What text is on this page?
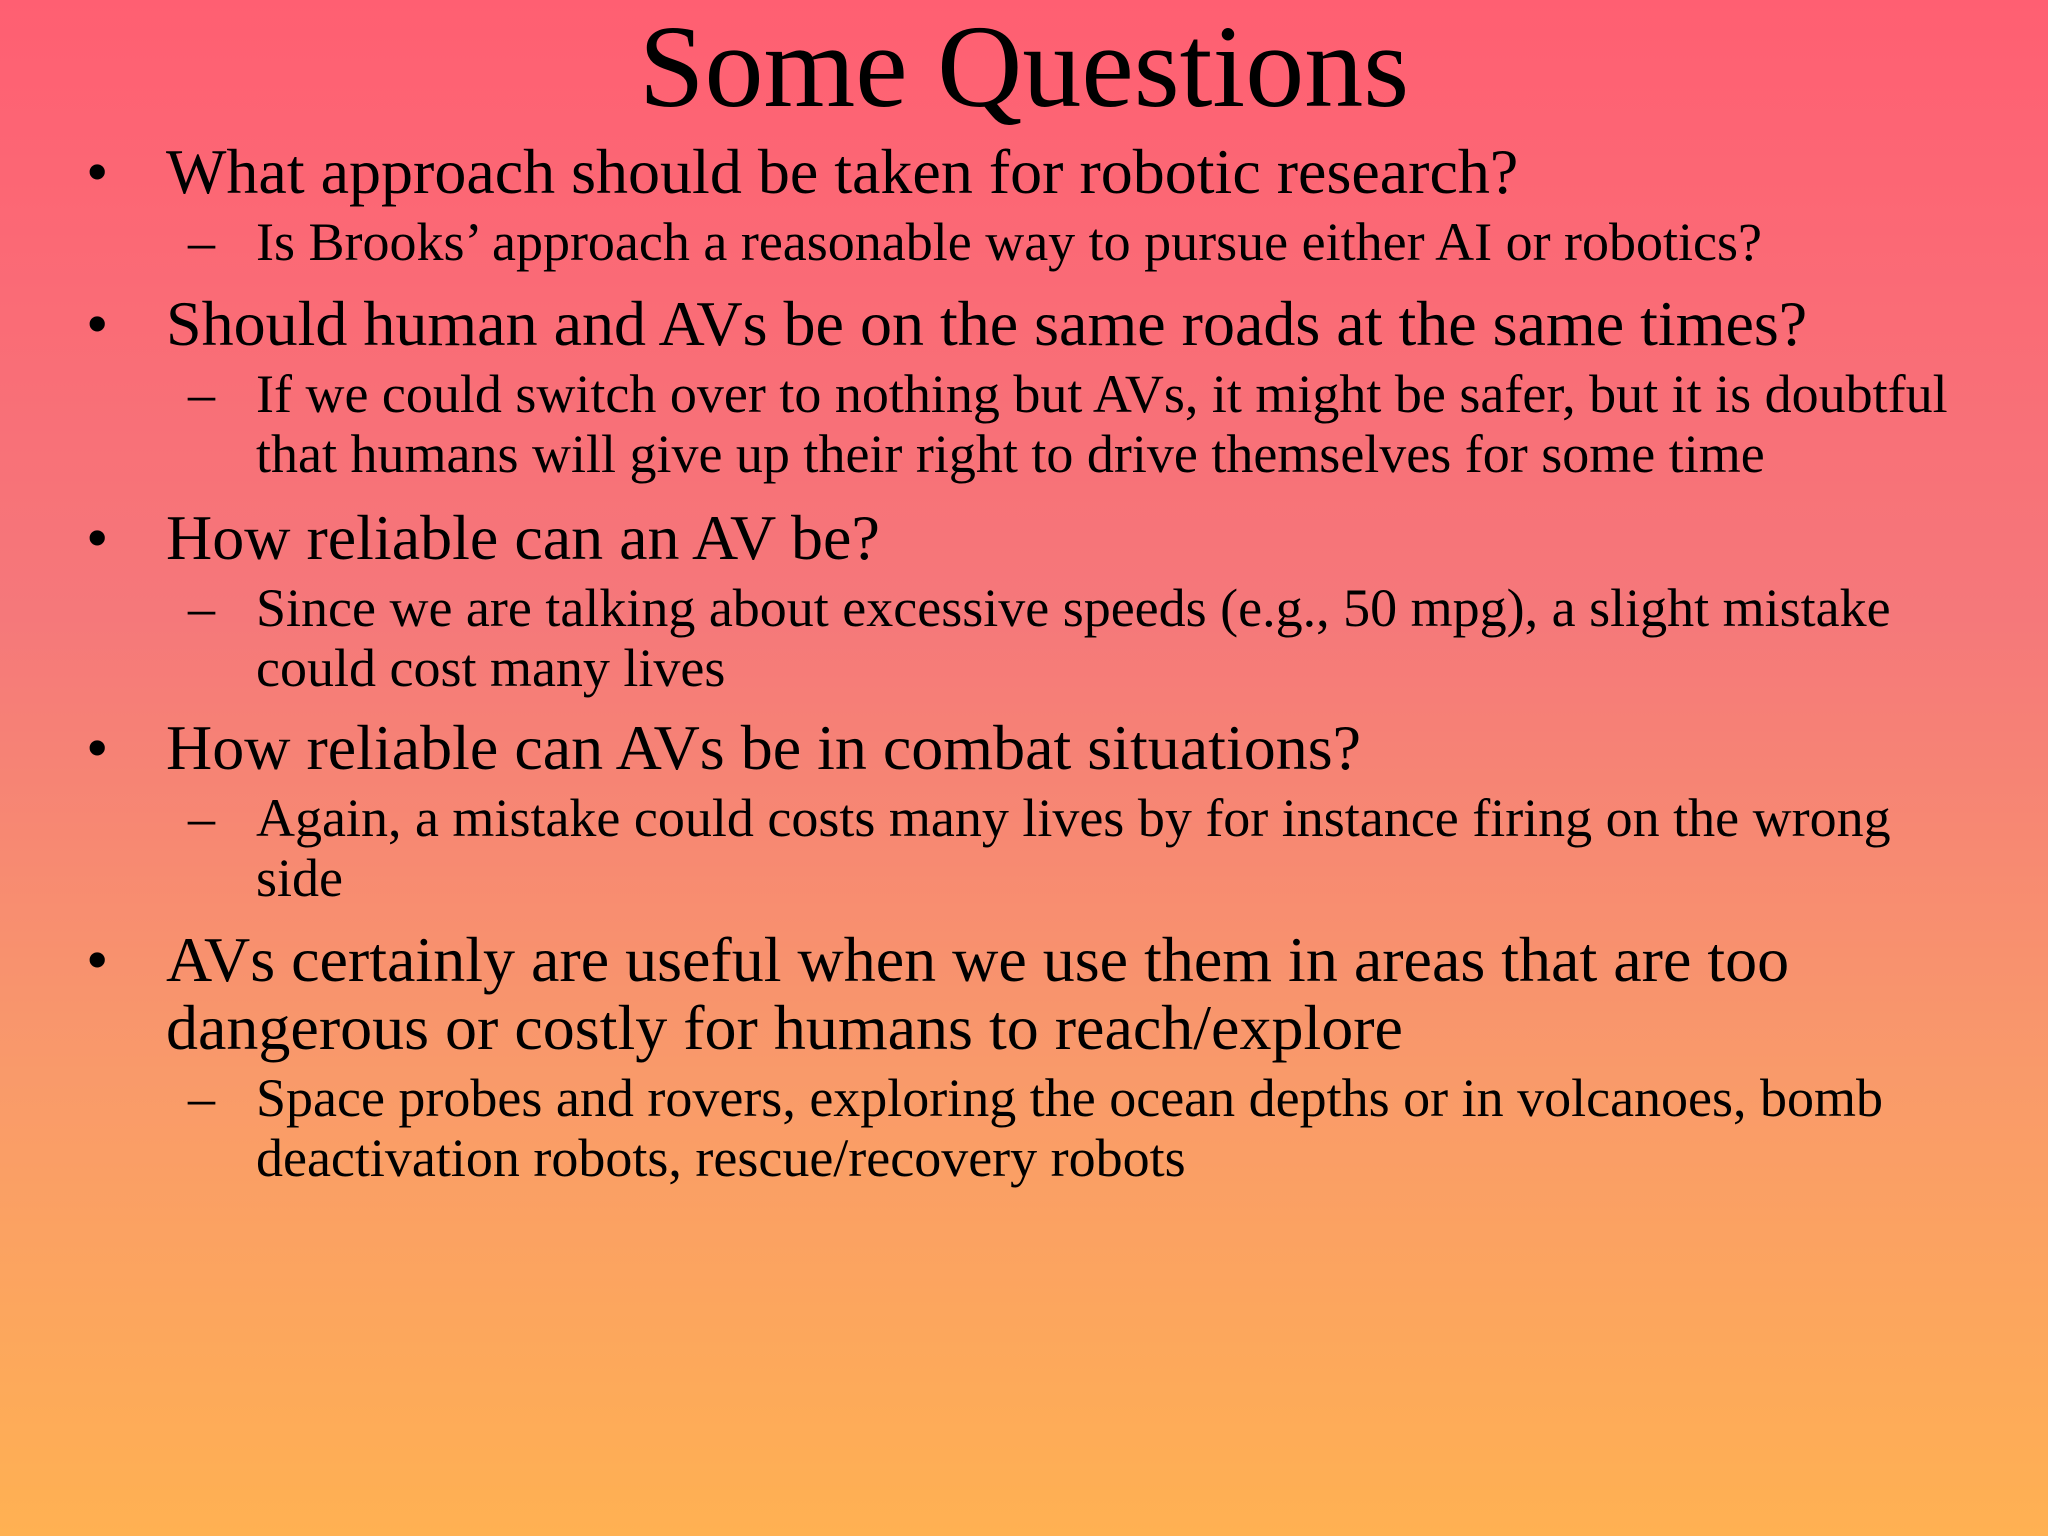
Some Questions
• What approach should be taken for robotic research?
– Is Brooks’ approach a reasonable way to pursue either AI or robotics?
• Should human and AVs be on the same roads at the same times?
– If we could switch over to nothing but AVs, it might be safer, but it is doubtful that humans will give up their right to drive themselves for some time
• How reliable can an AV be?
– Since we are talking about excessive speeds (e.g., 50 mpg), a slight mistake could cost many lives
• How reliable can AVs be in combat situations?
– Again, a mistake could costs many lives by for instance firing on the wrong side
• AVs certainly are useful when we use them in areas that are too dangerous or costly for humans to reach/explore
– Space probes and rovers, exploring the ocean depths or in volcanoes, bomb deactivation robots, rescue/recovery robots
